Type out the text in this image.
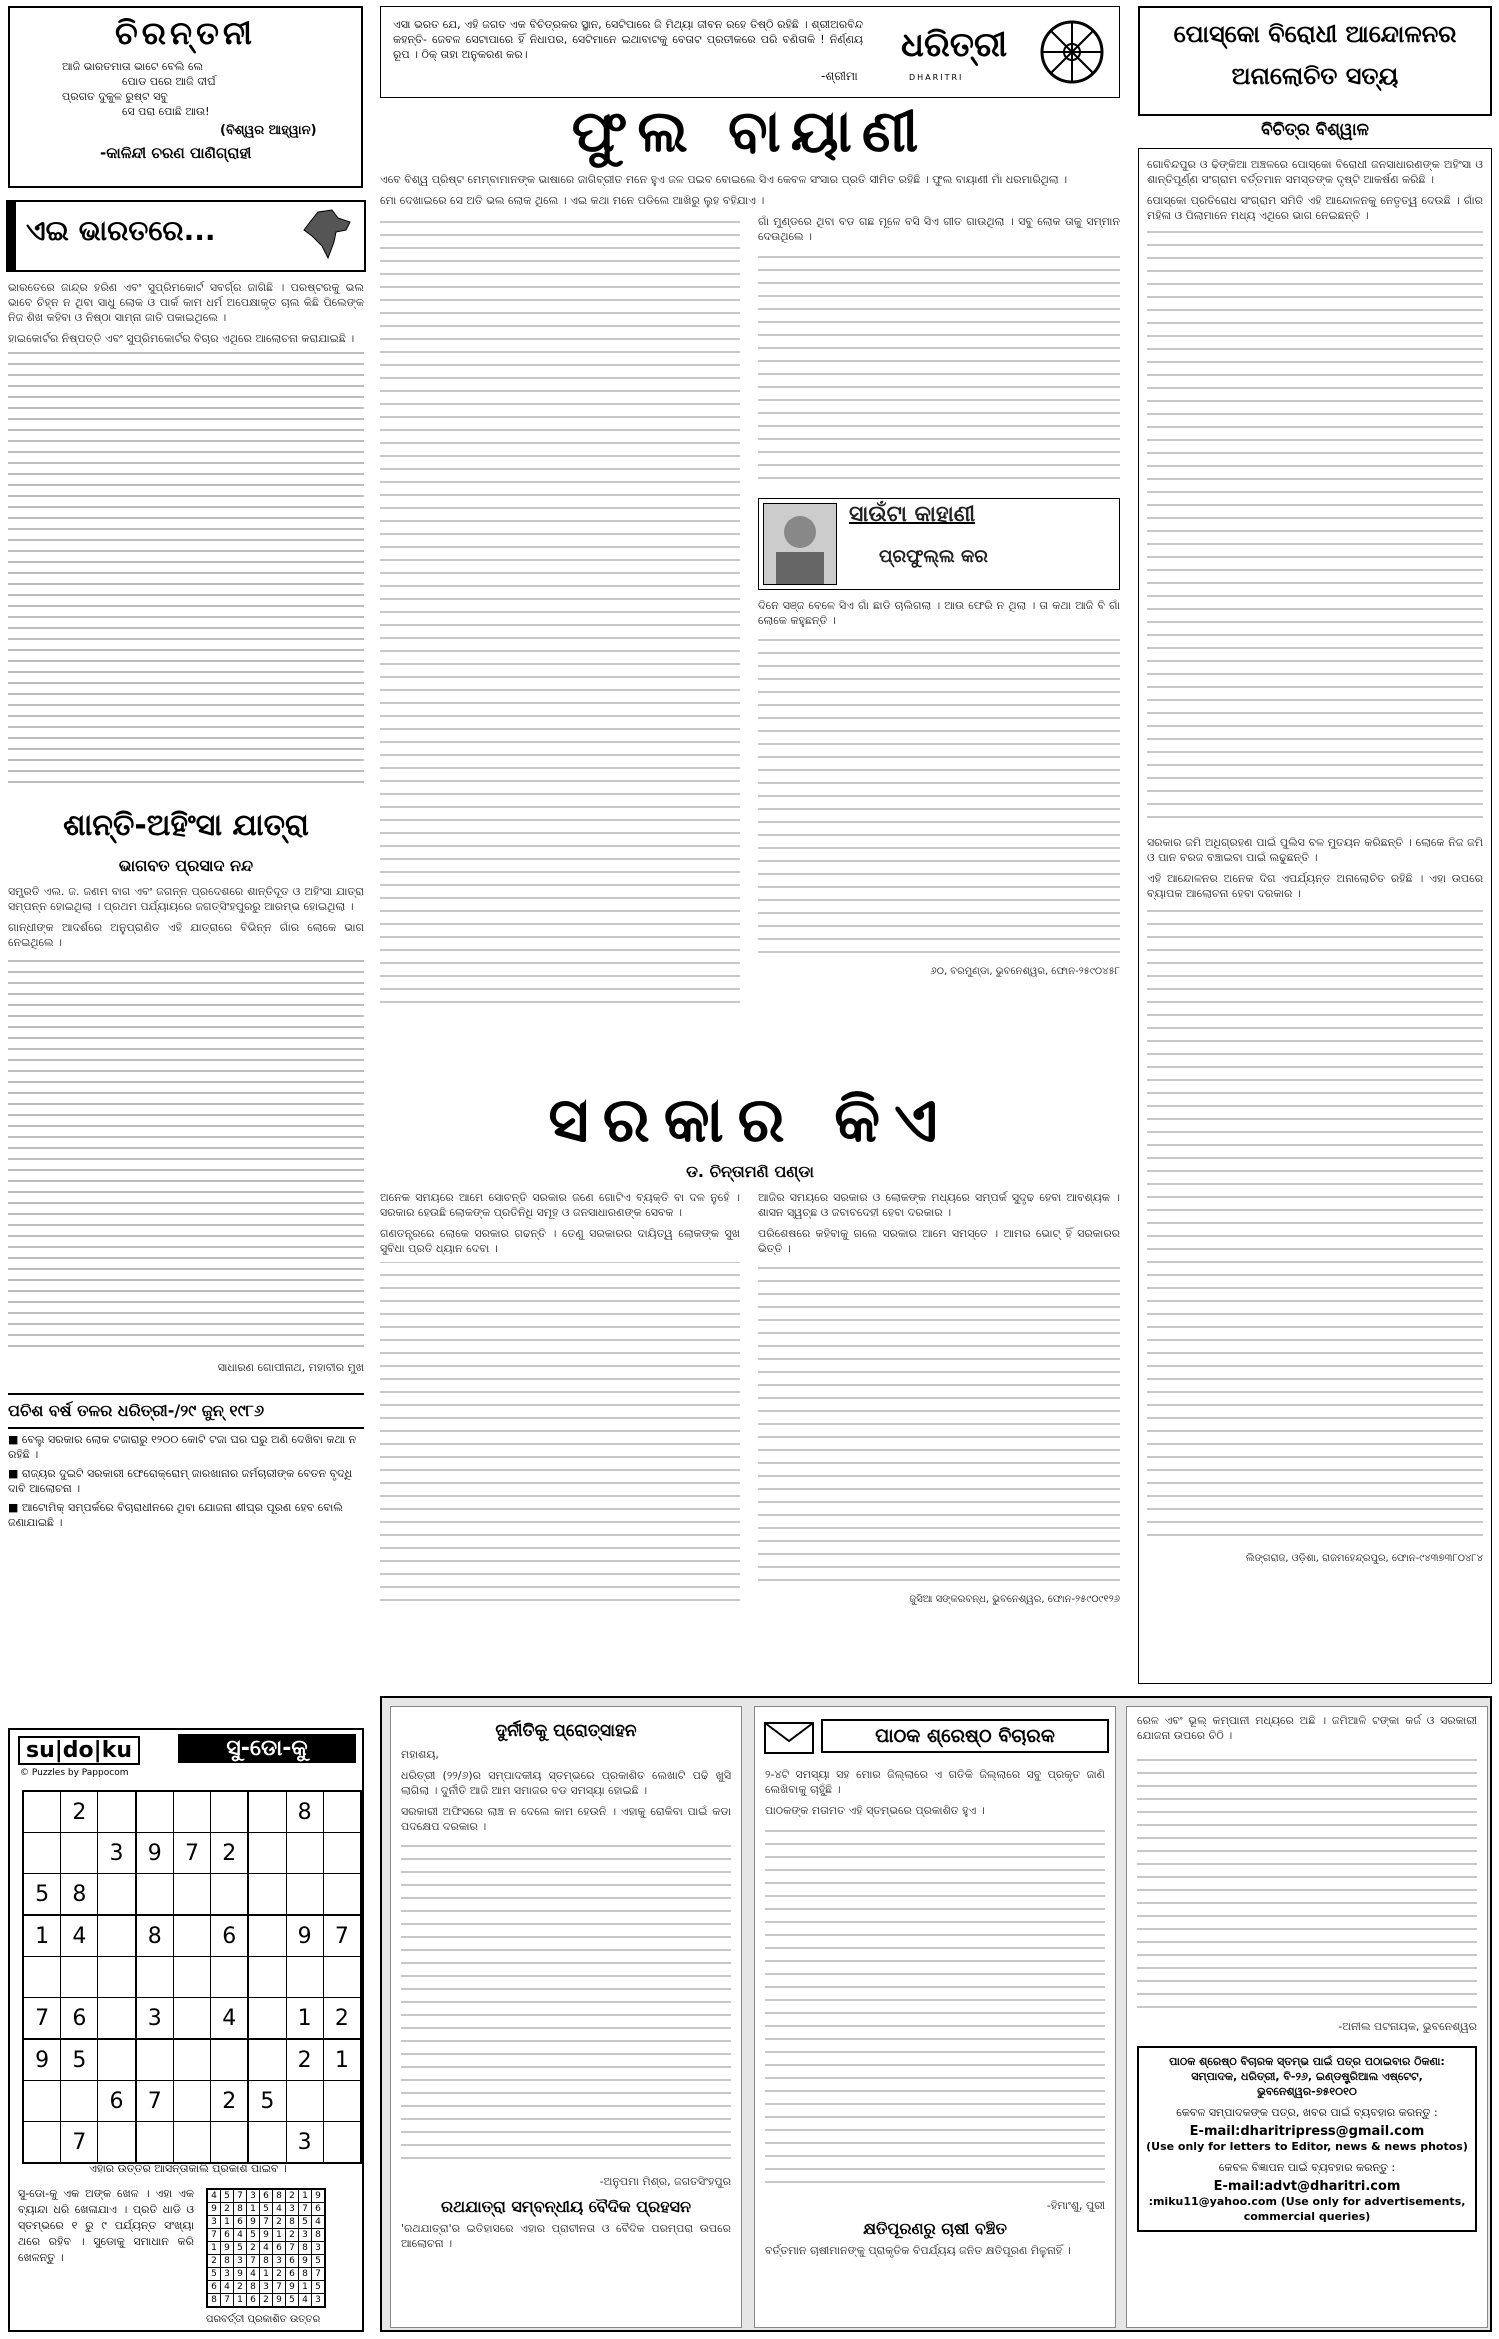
ଚିରନ୍ତନୀ
ଆଜି ଭାରତମାତା ଭାଟେ ବେଲି ଲେ
ପୋଡ ପରେ ଆଜି ଦୀର୍ଘ
ପ୍ରଗତ ଦୁକୁଳ ରୁଷ୍ଟ ସବୁ
ସେ ପରା ପୋଛି ଆଉ!
(ବିଶ୍ୱର ଆହ୍ୱାନ)
-କାଳିନ୍ଦୀ ଚରଣ ପାଣିଗ୍ରାହୀ
ଏସା ଭରତ ଯେ, ଏହି ଜଗତ ଏକ ବିଚିତ୍ରକର ସ୍ଥାନ, ସେଟିପାରେ ଜି ମିଥ୍ୟା ଜୀବନ ରହେ ତିଷ୍ଠି ରହିଛି । ଶ୍ରୀଅରବିନ୍ଦ କହନ୍ତି- ଜେବଳ ସେଟାପାରେ ହିଁ ନିଧାପର, ସେଟିମାନେ ଇଥାବାଟକୁ ବେତାଟ ପ୍ରତୀକରେ ପରି ବଣିତାକି ! ନିର୍ଣ୍ଣୟ ରୂପ । ଠିକ୍ ତାହା ଅନୁକରଣ କର।
-ଶ୍ରୀମା
ଧରିତ୍ରୀ
DHARITRI
ଫୁଲ ବାୟାଣୀ
ପୋସ୍କୋ ବିରୋଧୀ ଆନ୍ଦୋଳନର
ଅନାଲୋଚିତ ସତ୍ୟ
ବିଚିତ୍ର ବିଶ୍ୱାଳ
ଏଇ ଭାରତରେ...

ଭାରତେରେ ଜାନ୍ଦ୍ର ହରିଣ ଏବଂ ସୁପ୍ରିମକୋର୍ଟ ସବର୍ଗ୍ର ଜାଗିଛି । ପରଷ୍ଟରକୁ ଭଲ ଭାବେ ଚିହ୍ନ ନ ଥିବା ସାଧୁ ଲୋକ ଓ ପାର୍କ କାମ ଧର୍ମ ଅପେକ୍ଷାକୃତ ଚାଲ କିଛି ପିଲେଙ୍କ ନିଜ ଶିଖ କହିବା ଓ ନିଷ୍ଠା ସାମ୍ନା ଜାତି ପକାଇଥିଲେ ।

ହାଇକୋର୍ଟର ନିଷ୍ପତ୍ତି ଏବଂ ସୁପ୍ରିମକୋର୍ଟର ବିଚାର ଏଥିରେ ଆଲୋଚନା କରାଯାଇଛି ।

ଶାନ୍ତି-ଅହିଂସା ଯାତ୍ରା
ଭାଗବତ ପ୍ରସାଦ ନନ୍ଦ

ସମ୍ପ୍ରତି ଏଲ. ଜ. ଜଣମ ବାଗ ଏବଂ ଜଗନ୍ନ ପ୍ରଦେଶରେ ଶାନ୍ତିଦୂତ ଓ ଅହିଂସା ଯାତ୍ରା ସମ୍ପନ୍ନ ହୋଇଥିଲା । ପ୍ରଥମ ପର୍ଯ୍ୟାୟରେ ଜଗତ୍ସିଂହପୁରରୁ ଆରମ୍ଭ ହୋଇଥିଲା ।

ଗାନ୍ଧୀଙ୍କ ଆଦର୍ଶରେ ଅନୁପ୍ରାଣିତ ଏହି ଯାତ୍ରାରେ ବିଭିନ୍ନ ଗାଁର ଲୋକେ ଭାଗ ନେଇଥିଲେ ।

ସାଧାରଣ ଗୋପୀନାଥ, ମହାବୀର ମୁଖ
ପଚିଶ ବର୍ଷ ତଳର ଧରିତ୍ରୀ-/୨୯ ଜୁନ୍ ୧୯୮୬
■ ବେଲୁ ସରକାର ଲୋକ ଟଜାରାରୁ ୧୨୦୦ କୋଟି ଟଜା ଘର ଘରୁ ଅଣି ଦେଖିବା କଥା ନ ରହିଛି ।
■ ରାଜ୍ୟର ଦୁଇଟି ସରକାରୀ ଫେରୋକ୍ରୋମ୍ ଜାରଖାନାର ଜର୍ମଚାରୀଙ୍କ ବେତନ ବୃଦ୍ଧି ଦାବି ଆଲୋଚନା ।
■ ଆଟୋମିକ୍ ସମ୍ପର୍କରେ ବିଚାରାଧୀନରେ ଥିବା ଯୋଜନା ଶୀଘ୍ର ପୂରଣ ହେବ ବୋଲି ଜଣାଯାଇଛି ।
su|do|ku	ସୁ-ଡୋ-କୁ
© Puzzles by Pappocom
	2						8	
		3	9	7	2			
5	8							
1	4		8		6		9	7

7	6		3		4		1	2
9	5						2	1
		6	7		2	5		
	7						3	
ଏହାର ଉତ୍ତର ଆସନ୍ତାକାଲି ପ୍ରକାଶ ପାଇବ ।
ସୁ-ଡୋ-କୁ ଏକ ଅଙ୍କ ଖେଳ । ଏହା ଏକ ବ୍ୟାନ୍ଦା ଧରି ଖେଳାଯାଏ । ପ୍ରତି ଧାଡି ଓ ସ୍ତମ୍ଭରେ ୧ ରୁ ୯ ପର୍ଯ୍ୟନ୍ତ ସଂଖ୍ୟା ଥରେ ରହିବ । ସୁଡୋକୁ ସମାଧାନ କରି ଖେଳନ୍ତୁ ।
4	5	7	3	6	8	2	1	9
9	2	8	1	5	4	3	7	6
3	1	6	9	7	2	8	5	4
7	6	4	5	9	1	2	3	8
1	9	5	2	4	6	7	8	3
2	8	3	7	8	3	6	9	5
5	3	9	4	1	2	6	8	7
6	4	2	8	3	7	9	1	5
8	7	1	6	2	9	5	4	3
ପରବର୍ତ୍ତୀ ପ୍ରକାଶିତ ଉତ୍ତର

ଏବେ ବିଶ୍ୱ ପ୍ରିଷ୍ଟ ମେମ୍ବାମାନଙ୍କ ଭାଷାରେ ଜାଗିବ୍ରୀତ ମନେ ହୁଏ ଜଳ ପଇବ ବୋଇଲେ ସିଏ କେବଳ ସଂସାର ପ୍ରତି ସୀମିତ ରହିଛି । ଫୁଲ ବାୟାଣୀ ମାଁ ଧରମାରିଥିଲା ।

ମୋ ଦେଖାଇରେ ସେ ଅତି ଭଲ ଲୋକ ଥିଲେ । ଏଇ କଥା ମନେ ପଡିଲେ ଆଖିରୁ ଲୁହ ବହିଯାଏ ।

ଗାଁ ମୁଣ୍ଡରେ ଥିବା ବଡ ଗଛ ମୂଳେ ବସି ସିଏ ଗୀତ ଗାଉଥିଲା । ସବୁ ଲୋକ ତାକୁ ସମ୍ମାନ ଦେଉଥିଲେ ।

ସାଉଁଟା କାହାଣୀ
ପ୍ରଫୁଲ୍ଲ କର

ଦିନେ ସଞ୍ଜ ବେଳେ ସିଏ ଗାଁ ଛାଡି ଚାଲିଗଲା । ଆଉ ଫେରି ନ ଥିଲା । ତା କଥା ଆଜି ବି ଗାଁ ଲୋକେ କହୁଛନ୍ତି ।

୬୦, ବରମୁଣ୍ଡା, ଭୁବନେଶ୍ୱର, ଫୋନ-୨୫୯୦୪୫୮
ସରକାର କିଏ
ଡ. ଚିନ୍ତାମଣି ପଣ୍ଡା

ଅନେକ ସମୟରେ ଆମେ ସୋଚନ୍ତି ସରକାର ଜଣେ ଗୋଟିଏ ବ୍ୟକ୍ତି ବା ଦଳ ନୁହେଁ । ସରକାର ହେଉଛି ଲୋକଙ୍କ ପ୍ରତିନିଧି ସମୂହ ଓ ଜନସାଧାରଣଙ୍କ ସେବକ ।

ଗଣତନ୍ତ୍ରରେ ଲୋକେ ସରକାର ଗଢନ୍ତି । ତେଣୁ ସରକାରର ଦାୟିତ୍ୱ ଲୋକଙ୍କ ସୁଖ ସୁବିଧା ପ୍ରତି ଧ୍ୟାନ ଦେବା ।

ଆଜିର ସମୟରେ ସରକାର ଓ ଲୋକଙ୍କ ମଧ୍ୟରେ ସମ୍ପର୍କ ସୁଦୃଢ ହେବା ଆବଶ୍ୟକ । ଶାସନ ସ୍ୱଚ୍ଛ ଓ ଜବାବଦେହୀ ହେବା ଦରକାର ।

ପରିଶେଷରେ କହିବାକୁ ଗଲେ ସରକାର ଆମେ ସମସ୍ତେ । ଆମର ଭୋଟ୍ ହିଁ ସରକାରର ଭିତ୍ତି ।

ଜୁସିଆ ସଙ୍କରବନ୍ଧ, ଭୁବନେଶ୍ୱର, ଫୋନ-୨୫୯୦୯୧୨୬

ଗୋବିନ୍ଦପୁର ଓ ଢିଙ୍କିଆ ଅଞ୍ଚଳରେ ପୋସ୍କୋ ବିରୋଧୀ ଜନସାଧାରଣଙ୍କ ଅହିଂସା ଓ ଶାନ୍ତିପୂର୍ଣ୍ଣ ସଂଗ୍ରାମ ବର୍ତ୍ତମାନ ସମସ୍ତଙ୍କ ଦୃଷ୍ଟି ଆକର୍ଷଣ କରିଛି ।

ପୋସ୍କୋ ପ୍ରତିରୋଧ ସଂଗ୍ରାମ ସମିତି ଏହି ଆନ୍ଦୋଳନକୁ ନେତୃତ୍ୱ ଦେଉଛି । ଗାଁର ମହିଳା ଓ ପିଲାମାନେ ମଧ୍ୟ ଏଥିରେ ଭାଗ ନେଇଛନ୍ତି ।

ସରକାର ଜମି ଅଧିଗ୍ରହଣ ପାଇଁ ପୁଲିସ ବଳ ମୁତୟନ କରିଛନ୍ତି । ଲୋକେ ନିଜ ଜମି ଓ ପାନ ବରଜ ବଞ୍ଚାଇବା ପାଇଁ ଲଢୁଛନ୍ତି ।

ଏହି ଆନ୍ଦୋଳନର ଅନେକ ଦିଗ ଏପର୍ଯ୍ୟନ୍ତ ଅନାଲୋଚିତ ରହିଛି । ଏହା ଉପରେ ବ୍ୟାପକ ଆଲୋଚନା ହେବା ଦରକାର ।

ଲିଙ୍ଗରାଜ, ଓଡ଼ିଶା, ରାଜମହେନ୍ଦ୍ରପୁର, ଫୋନ-୯୪୩୭୩୮୦୪୮୪
ଦୁର୍ନୀତିକୁ ପ୍ରୋତ୍ସାହନ

ମହାଶୟ,

ଧରିତ୍ରୀ (୨୨/୬)ର ସମ୍ପାଦକୀୟ ସ୍ତମ୍ଭରେ ପ୍ରକାଶିତ ଲେଖାଟି ପଢି ଖୁସି ଲାଗିଲା । ଦୁର୍ନୀତି ଆଜି ଆମ ସମାଜର ବଡ ସମସ୍ୟା ହୋଇଛି ।

ସରକାରୀ ଅଫିସରେ ଲାଞ୍ଚ ନ ଦେଲେ କାମ ହେଉନି । ଏହାକୁ ରୋକିବା ପାଇଁ କଡା ପଦକ୍ଷେପ ଦରକାର ।

-ଅନୁପମା ମିଶ୍ର, ଜଗତସିଂହପୁର
ରଥଯାତ୍ରା ସମ୍ବନ୍ଧୀୟ ବୈଦିକ ପ୍ରହସନ
'ରଥଯାତ୍ରା'ର ଇତିହାସରେ ଏହାର ପ୍ରାଚୀନତା ଓ ବୈଦିକ ପରମ୍ପରା ଉପରେ ଆଲୋଚନା ।
ପାଠକ ଶ୍ରେଷ୍ଠ ବିଚାରକ

୨-୪ଟି ସମସ୍ୟା ସହ ମୋର ଜିଲ୍ଲାରେ ଏ ଗତିକି ଜିଲ୍ଲାରେ ସବୁ ପ୍ରକୃତ ଜାଣି ଲେଖିବାକୁ ଚାହୁଁଛି ।

ପାଠକଙ୍କ ମତାମତ ଏହି ସ୍ତମ୍ଭରେ ପ୍ରକାଶିତ ହୁଏ ।

-ହିମାଂଶୁ, ପୁରୀ
କ୍ଷତିପୂରଣରୁ ଚାଷୀ ବଞ୍ଚିତ
ବର୍ତ୍ତମାନ ଚାଷୀମାନଙ୍କୁ ପ୍ରାକୃତିକ ବିପର୍ଯ୍ୟୟ ଜନିତ କ୍ଷତିପୂରଣ ମିଳୁନାହିଁ ।

ରେଳ ଏବଂ ଭୂଲ୍ କମ୍ପାନୀ ମଧ୍ୟରେ ଅଛି । ଜମିଆଳି ଟଙ୍କା କର୍ଜ ଓ ସରକାରୀ ଯୋଜନା ଉପରେ ଚିଠି ।

-ଅନୀଲ ପଟନାୟକ, ଭୁବନେଶ୍ୱର
ପାଠକ ଶ୍ରେଷ୍ଠ ବିଚାରକ ସ୍ତମ୍ଭ ପାଇଁ ପତ୍ର ପଠାଇବାର ଠିକଣା: ସମ୍ପାଦକ, ଧରିତ୍ରୀ, ବି-୨୬, ଇଣ୍ଡଷ୍ଟ୍ରିଆଲ ଏଷ୍ଟେଟ, ଭୁବନେଶ୍ୱର-୭୫୧୦୧୦
କେବଳ ସମ୍ପାଦକଙ୍କ ପତ୍ର, ଖବର ପାଇଁ ବ୍ୟବହାର କରନ୍ତୁ :
E-mail:dharitripress@gmail.com
(Use only for letters to Editor, news & news photos)
କେବଳ ବିଜ୍ଞାପନ ପାଇଁ ବ୍ୟବହାର କରନ୍ତୁ :
E-mail:advt@dharitri.com
:miku11@yahoo.com (Use only for advertisements, commercial queries)
